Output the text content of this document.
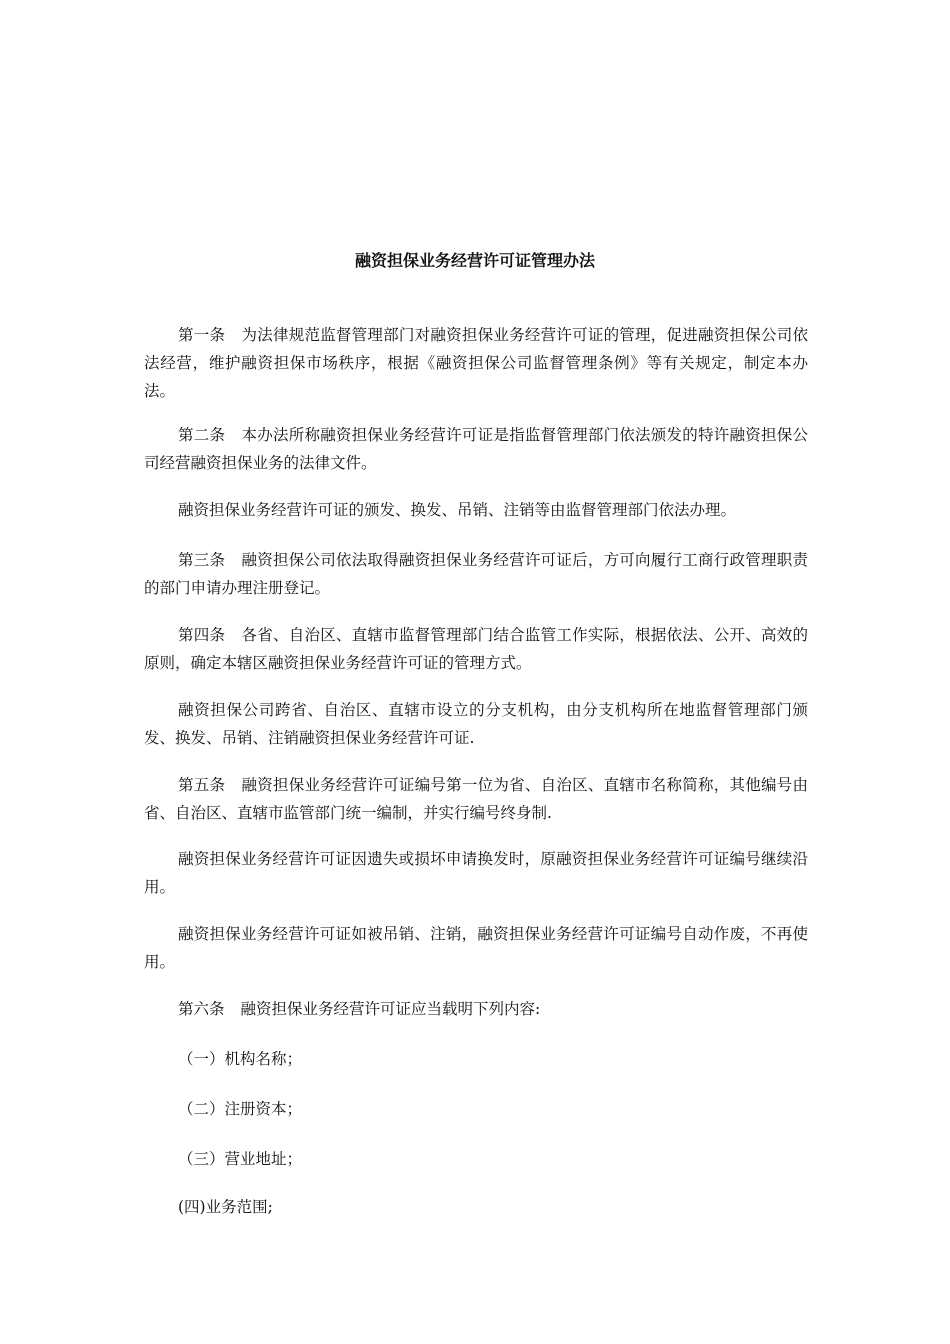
融资担保业务经营许可证管理办法

第一条 为法律规范监督管理部门对融资担保业务经营许可证的管理，促进融资担保公司依法经营，维护融资担保市场秩序，根据《融资担保公司监督管理条例》等有关规定，制定本办法。

第二条 本办法所称融资担保业务经营许可证是指监督管理部门依法颁发的特许融资担保公司经营融资担保业务的法律文件。

融资担保业务经营许可证的颁发、换发、吊销、注销等由监督管理部门依法办理。

第三条 融资担保公司依法取得融资担保业务经营许可证后，方可向履行工商行政管理职责的部门申请办理注册登记。

第四条 各省、自治区、直辖市监督管理部门结合监管工作实际，根据依法、公开、高效的原则，确定本辖区融资担保业务经营许可证的管理方式。

融资担保公司跨省、自治区、直辖市设立的分支机构，由分支机构所在地监督管理部门颁发、换发、吊销、注销融资担保业务经营许可证.

第五条 融资担保业务经营许可证编号第一位为省、自治区、直辖市名称简称，其他编号由省、自治区、直辖市监管部门统一编制，并实行编号终身制.

融资担保业务经营许可证因遗失或损坏申请换发时，原融资担保业务经营许可证编号继续沿用。

融资担保业务经营许可证如被吊销、注销，融资担保业务经营许可证编号自动作废，不再使用。

第六条 融资担保业务经营许可证应当载明下列内容:

（一）机构名称；

（二）注册资本；

（三）营业地址；

(四)业务范围;
